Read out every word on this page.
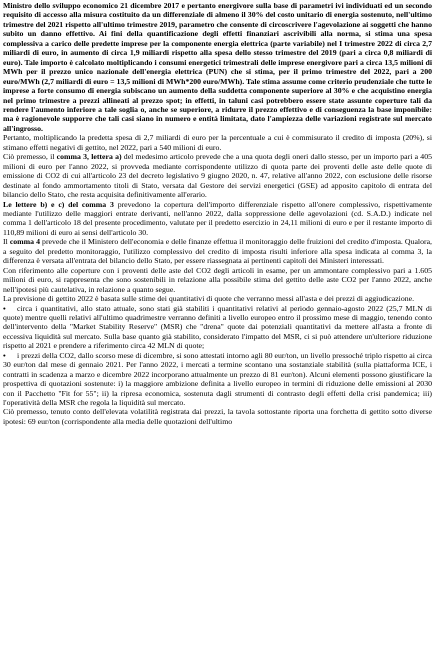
Ministro dello sviluppo economico 21 dicembre 2017 e pertanto energivore sulla base di parametri ivi individuati ed un secondo requisito di accesso alla misura costituito da un differenziale di almeno il 30% del costo unitario di energia sostenuto, nell'ultimo trimestre del 2021 rispetto all'ultimo trimestre 2019, parametro che consente di circoscrivere l'agevolazione ai soggetti che hanno subito un danno effettivo. Ai fini della quantificazione degli effetti finanziari ascrivibili alla norma, si stima una spesa complessiva a carico delle predette imprese per la componente energia elettrica (parte variabile) nel I trimestre 2022 di circa 2,7 miliardi di euro, in aumento di circa 1,9 miliardi rispetto alla spesa dello stesso trimestre del 2019 (pari a circa 0,8 miliardi di euro). Tale importo è calcolato moltiplicando i consumi energetici trimestrali delle imprese energivore pari a circa 13,5 milioni di MWh per il prezzo unico nazionale dell'energia elettrica (PUN) che si stima, per il primo trimestre del 2022, pari a 200 euro/MWh (2,7 miliardi di euro = 13,5 milioni di MWh*200 euro/MWh). Tale stima assume come criterio prudenziale che tutte le imprese a forte consumo di energia subiscano un aumento della suddetta componente superiore al 30% e che acquistino energia nel primo trimestre a prezzi allineati al prezzo spot; in effetti, in taluni casi potrebbero essere state assunte coperture tali da rendere l'aumento inferiore a tale soglia o, anche se superiore, a ridurre il prezzo effettivo e di conseguenza la base imponibile: ma è ragionevole supporre che tali casi siano in numero e entità limitata, dato l'ampiezza delle variazioni registrate sul mercato all'ingrosso.

Pertanto, moltiplicando la predetta spesa di 2,7 miliardi di euro per la percentuale a cui è commisurato il credito di imposta (20%), si stimano effetti negativi di gettito, nel 2022, pari a 540 milioni di euro.

Ciò premesso, il comma 3, lettera a) del medesimo articolo prevede che a una quota degli oneri dallo stesso, per un importo pari a 405 milioni di euro per l'anno 2022, si provveda mediante corrispondente utilizzo di quota parte dei proventi delle aste delle quote di emissione di CO2 di cui all'articolo 23 del decreto legislativo 9 giugno 2020, n. 47, relative all'anno 2022, con esclusione delle risorse destinate al fondo ammortamento titoli di Stato, versata dal Gestore dei servizi energetici (GSE) ad apposito capitolo di entrata del bilancio dello Stato, che resta acquisita definitivamente all'erario.

Le lettere b) e c) del comma 3 prevedono la copertura dell'importo differenziale rispetto all'onere complessivo, rispettivamente mediante l'utilizzo delle maggiori entrate derivanti, nell'anno 2022, dalla soppressione delle agevolazioni (cd. S.A.D.) indicate nel comma 1 dell'articolo 18 del presente procedimento, valutate per il predetto esercizio in 24,11 milioni di euro e per il restante importo di 110,89 milioni di euro ai sensi dell'articolo 30.

Il comma 4 prevede che il Ministero dell'economia e delle finanze effettua il monitoraggio delle fruizioni del credito d'imposta. Qualora, a seguito del predetto monitoraggio, l'utilizzo complessivo del credito di imposta risulti inferiore alla spesa indicata al comma 3, la differenza è versata all'entrata del bilancio dello Stato, per essere riassegnata ai pertinenti capitoli dei Ministeri interessati.

Con riferimento alle coperture con i proventi delle aste del CO2 degli articoli in esame, per un ammontare complessivo pari a 1.605 milioni di euro, si rappresenta che sono sostenibili in relazione alla possibile stima del gettito delle aste CO2 per l'anno 2022, anche nell'ipotesi più cautelativa, in relazione a quanto segue.

La previsione di gettito 2022 è basata sulle stime dei quantitativi di quote che verranno messi all'asta e dei prezzi di aggiudicazione.

• circa i quantitativi, allo stato attuale, sono stati già stabiliti i quantitativi relativi al periodo gennaio-agosto 2022 (25,7 MLN di quote) mentre quelli relativi all'ultimo quadrimestre verranno definiti a livello europeo entro il prossimo mese di maggio, tenendo conto dell'intervento della "Market Stability Reserve" (MSR) che "drena" quote dai potenziali quantitativi da mettere all'asta a fronte di eccessiva liquidità sul mercato. Sulla base quanto già stabilito, considerato l'impatto del MSR, ci si può attendere un'ulteriore riduzione rispetto al 2021 e prendere a riferimento circa 42 MLN di quote;

• i prezzi della CO2, dallo scorso mese di dicembre, si sono attestati intorno agli 80 eur/ton, un livello pressoché triplo rispetto ai circa 30 eur/ton dal mese di gennaio 2021. Per l'anno 2022, i mercati a termine scontano una sostanziale stabilità (sulla piattaforma ICE, i contratti in scadenza a marzo e dicembre 2022 incorporano attualmente un prezzo di 81 eur/ton). Alcuni elementi possono giustificare la prospettiva di quotazioni sostenute: i) la maggiore ambizione definita a livello europeo in termini di riduzione delle emissioni al 2030 con il Pacchetto "Fit for 55"; ii) la ripresa economica, sostenuta dagli strumenti di contrasto degli effetti della crisi pandemica; iii) l'operatività della MSR che regola la liquidità sul mercato.

Ciò premesso, tenuto conto dell'elevata volatilità registrata dai prezzi, la tavola sottostante riporta una forchetta di gettito sotto diverse ipotesi: 69 eur/ton (corrispondente alla media delle quotazioni dell'ultimo
